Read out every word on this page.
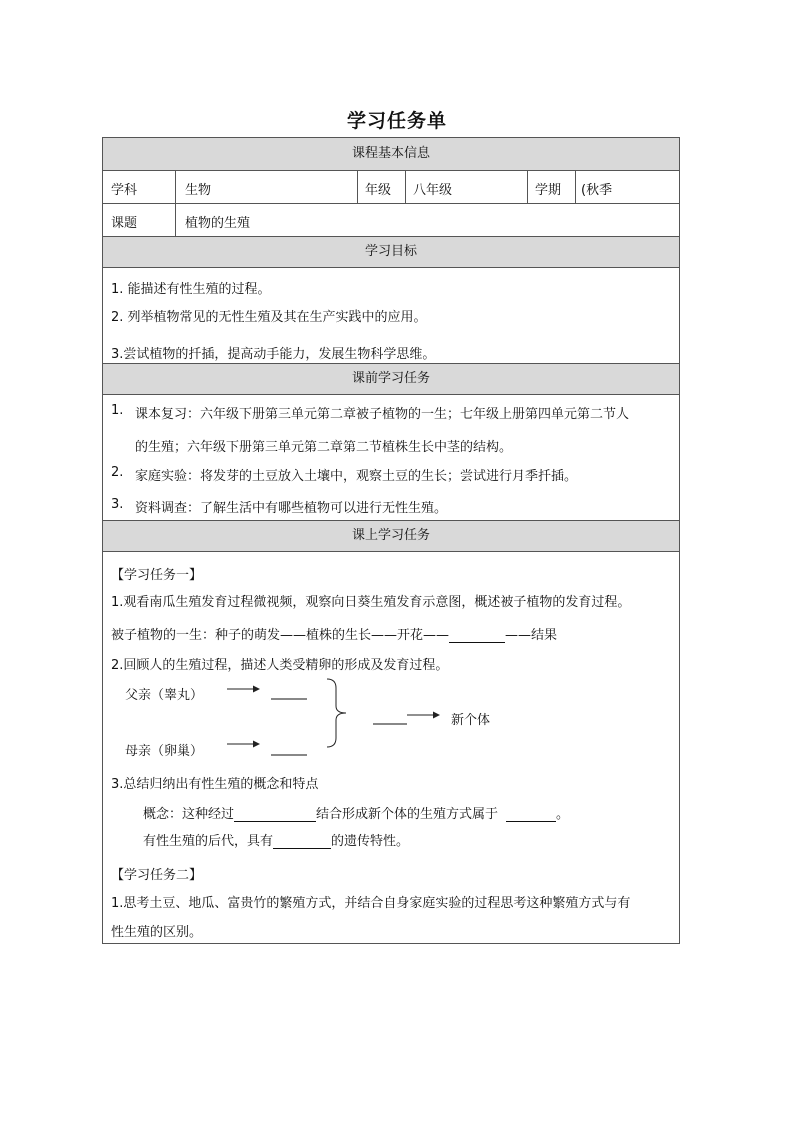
学习任务单
课程基本信息
学科	生物	年级 八年级	学期 (秋季
课题	植物的生殖
学习目标
1. 能描述有性生殖的过程。
2. 列举植物常见的无性生殖及其在生产实践中的应用。
3.尝试植物的扦插，提高动手能力，发展生物科学思维。
课前学习任务
1. 课本复习：六年级下册第三单元第二章被子植物的一生；七年级上册第四单元第二节人
的生殖；六年级下册第三单元第二章第二节植株生长中茎的结构。
2. 家庭实验：将发芽的土豆放入土壤中，观察土豆的生长；尝试进行月季扦插。
3. 资料调查：了解生活中有哪些植物可以进行无性生殖。
课上学习任务
【学习任务一】
1.观看南瓜生殖发育过程微视频，观察向日葵生殖发育示意图，概述被子植物的发育过程。
被子植物的一生：种子的萌发——植株的生长——开花——	——结果
2.回顾人的生殖过程，描述人类受精卵的形成及发育过程。
父亲（睾丸）
母亲（卵巢）
新个体
3.总结归纳出有性生殖的概念和特点
概念：这种经过	结合形成新个体的生殖方式属于	。
有性生殖的后代，具有	的遗传特性。
【学习任务二】
1.思考土豆、地瓜、富贵竹的繁殖方式，并结合自身家庭实验的过程思考这种繁殖方式与有
性生殖的区别。
